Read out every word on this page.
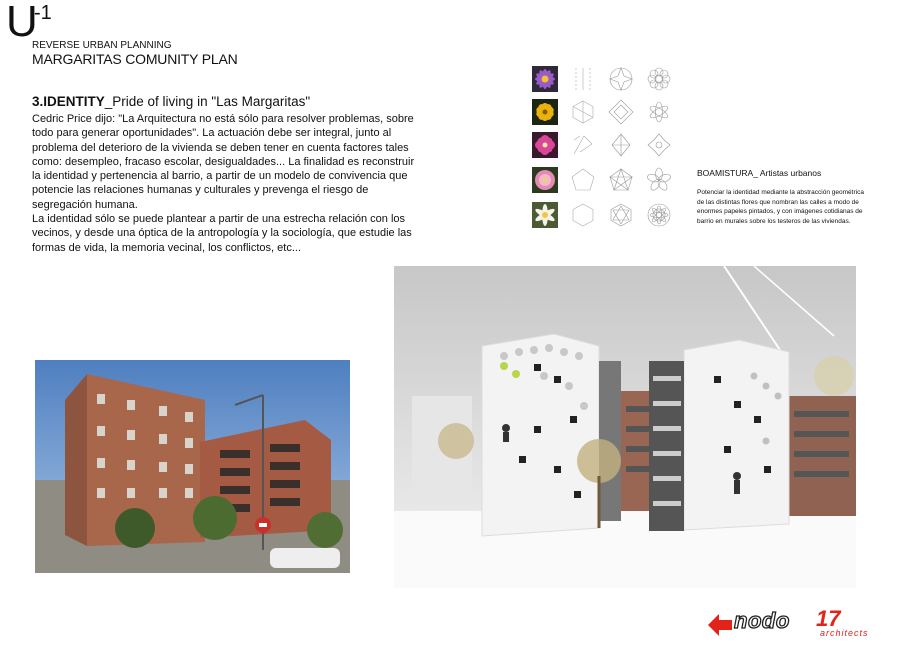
U
-1
REVERSE URBAN PLANNING
MARGARITAS COMUNITY PLAN
3.IDENTITY_Pride of living in "Las Margaritas"
Cedric Price dijo: "La Arquitectura no está sólo para resolver problemas, sobre todo para generar oportunidades". La actuación debe ser integral, junto al problema del deterioro de la vivienda se deben tener en cuenta factores tales como: desempleo, fracaso escolar, desigualdades... La finalidad es reconstruir la identidad y pertenencia al barrio, a partir de un modelo de convivencia que potencie las relaciones humanas y culturales y prevenga el riesgo de segregación humana.
La identidad sólo se puede plantear a partir de una estrecha relación con los vecinos, y desde una óptica de la antropología y la sociología, que estudie las formas de vida, la memoria vecinal, los conflictos, etc...
BOAMISTURA_ Artistas urbanos
Potenciar la identidad mediante la abstracción geométrica de las distintas flores que nombran las calles a modo de enormes papeles pintados, y con imágenes cotidianas de barrio en murales sobre los testeros de las viviendas.
nodo 17
architects
